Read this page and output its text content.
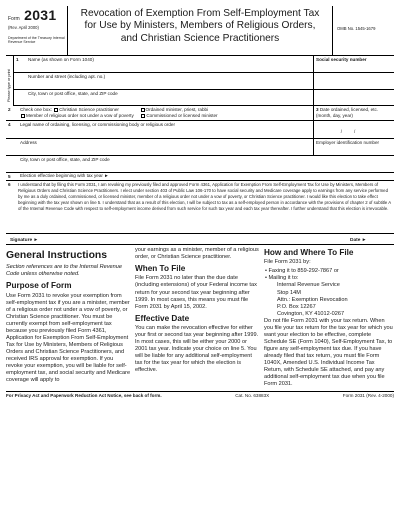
Form 2031
(Rev. April 2000)
Department of the Treasury Internal Revenue Service
Revocation of Exemption From Self-Employment Tax
for Use by Ministers, Members of Religious Orders,
and Christian Science Practitioners
OMB No. 1545-1679
Please type or print
1	Name (as shown on Form 1040)	Social security number
Number and street (including apt. no.)
City, town or post office, state, and ZIP code
2	Check one box: Christian Science practitioner	Ordained minister, priest, rabbi
Member of religious order not under a vow of poverty	Commissioned or licensed minister
3 Date ordained, licensed, etc.
(month, day, year)
4	Legal name of ordaining, licensing, or commissioning body or religious order
//
Address	Employer identification number
City, town or post office, state, and ZIP code
5	Election effective beginning with tax year ►
6	I understand that by filing this Form 2031, I am revoking my previously filed and approved Form 4361, Application for Exemption From Self-Employment Tax for Use by Ministers, Members of Religious Orders and Christian Science Practitioners. I elect under section 403 of Public Law 106-170 to have social security and Medicare coverage apply to earnings from any service performed by me as a duly ordained, commissioned, or licensed minister, member of a religious order not under a vow of poverty, or Christian Science practitioner. I would like this election to take effect beginning with the tax year shown on line 5. I understand that as a result of this election, I will be subject to tax as a self-employed person in accordance with the provisions of chapter 2 of subtitle A of the Internal Revenue Code with respect to self-employment income derived from such service for such tax year and each tax year thereafter. I further understand that this election is irrevocable.
Signature ►	Date ►
General Instructions

Section references are to the Internal Revenue Code unless otherwise noted.

Purpose of Form

Use Form 2031 to revoke your exemption from self-employment tax if you are a minister, member of a religious order not under a vow of poverty, or Christian Science practitioner. You must be currently exempt from self-employment tax because you previously filed Form 4361, Application for Exemption From Self-Employment Tax for Use by Ministers, Members of Religious Orders and Christian Science Practitioners, and received IRS approval for exemption. If you revoke your exemption, you will be liable for self-employment tax, and social security and Medicare coverage will apply to

your earnings as a minister, member of a religious order, or Christian Science practitioner.

When To File

File Form 2031 no later than the due date (including extensions) of your Federal income tax return for your second tax year beginning after 1999. In most cases, this means you must file Form 2031 by April 15, 2002.

Effective Date

You can make the revocation effective for either your first or second tax year beginning after 1999. In most cases, this will be either your 2000 or 2001 tax year. Indicate your choice on line 5. You will be liable for any additional self-employment tax for the tax year for which the election is effective.

How and Where To File

File Form 2031 by:

• Faxing it to 859-292-7867 or
• Mailing it to:
Internal Revenue Service
Stop 14M
Attn.: Exemption Revocation
P.O. Box 12267
Covington, KY 41012-0267

Do not file Form 2031 with your tax return. When you file your tax return for the tax year for which you want your election to be effective, complete Schedule SE (Form 1040), Self-Employment Tax, to figure any self-employment tax due. If you have already filed that tax return, you must file Form 1040X, Amended U.S. Individual Income Tax Return, with Schedule SE attached, and pay any additional self-employment tax due when you file Form 2031.

For Privacy Act and Paperwork Reduction Act Notice, see back of form.	Cat. No. 63883X	Form 2031 (Rev. 4-2000)
